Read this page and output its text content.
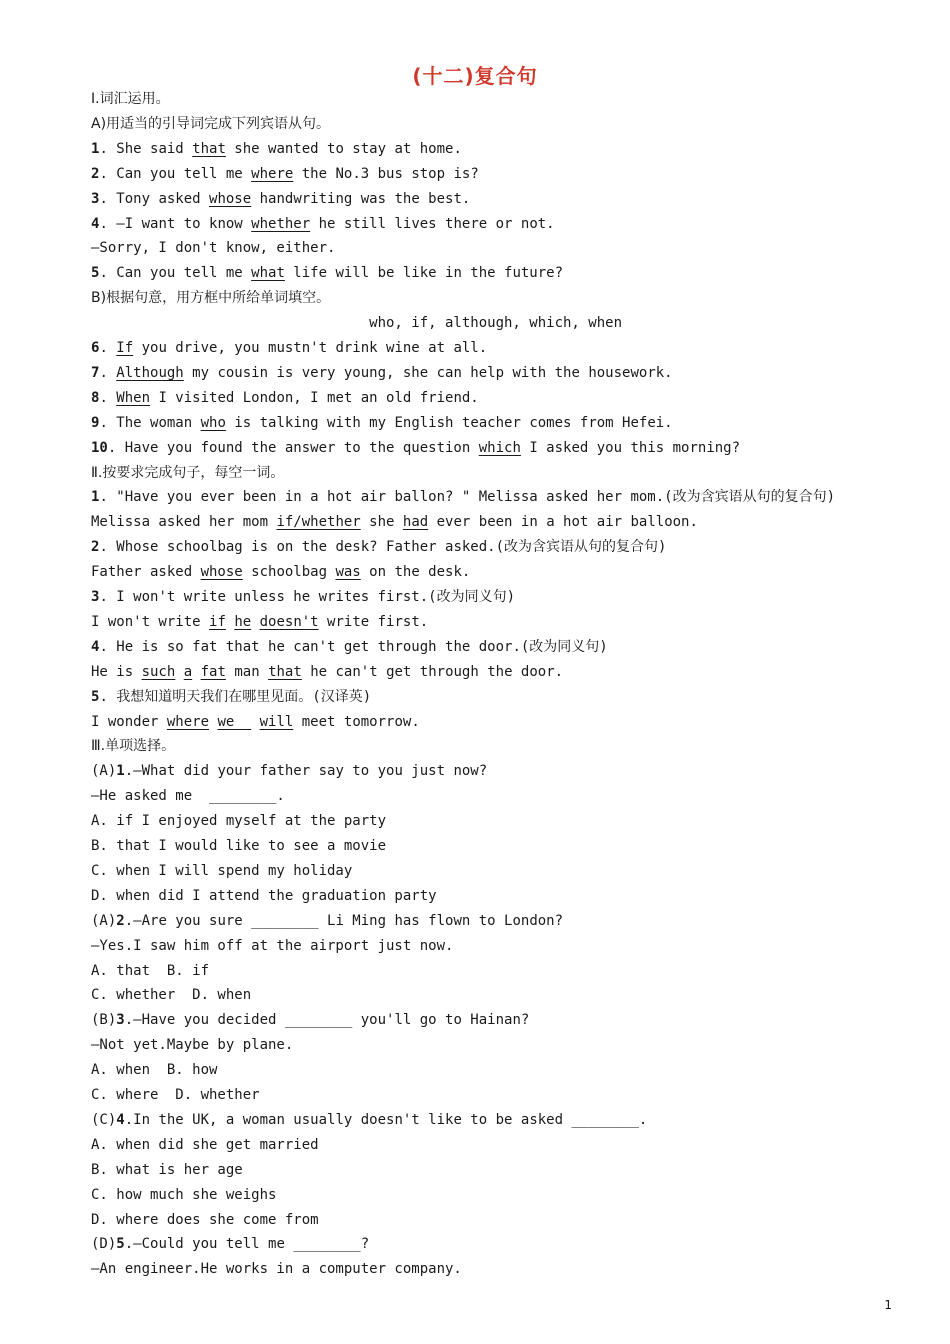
(十二)复合句
Ⅰ.词汇运用。
A)用适当的引导词完成下列宾语从句。
1. She said that she wanted to stay at home.
2. Can you tell me where the No.3 bus stop is?
3. Tony asked whose handwriting was the best.
4. —I want to know whether he still lives there or not.
—Sorry, I don't know, either.
5. Can you tell me what life will be like in the future?
B)根据句意，用方框中所给单词填空。
who, if, although, which, when
6. If you drive, you mustn't drink wine at all.
7. Although my cousin is very young, she can help with the housework.
8. When I visited London, I met an old friend.
9. The woman who is talking with my English teacher comes from Hefei.
10. Have you found the answer to the question which I asked you this morning?
Ⅱ.按要求完成句子，每空一词。
1. "Have you ever been in a hot air ballon? " Melissa asked her mom.(改为含宾语从句的复合句)
Melissa asked her mom if/whether she had ever been in a hot air balloon.
2. Whose schoolbag is on the desk? Father asked.(改为含宾语从句的复合句)
Father asked whose schoolbag was on the desk.
3. I won't write unless he writes first.(改为同义句)
I won't write if he doesn't write first.
4. He is so fat that he can't get through the door.(改为同义句)
He is such a fat man that he can't get through the door.
5. 我想知道明天我们在哪里见面。(汉译英)
I wonder where we   will meet tomorrow.
Ⅲ.单项选择。
(A)1.—What did your father say to you just now?
—He asked me  ________.
A. if I enjoyed myself at the party
B. that I would like to see a movie
C. when I will spend my holiday
D. when did I attend the graduation party
(A)2.—Are you sure ________ Li Ming has flown to London?
—Yes.I saw him off at the airport just now.
A. that  B. if
C. whether  D. when
(B)3.—Have you decided ________ you'll go to Hainan?
—Not yet.Maybe by plane.
A. when  B. how
C. where  D. whether
(C)4.In the UK, a woman usually doesn't like to be asked ________.
A. when did she get married
B. what is her age
C. how much she weighs
D. where does she come from
(D)5.—Could you tell me ________?
—An engineer.He works in a computer company.
1
